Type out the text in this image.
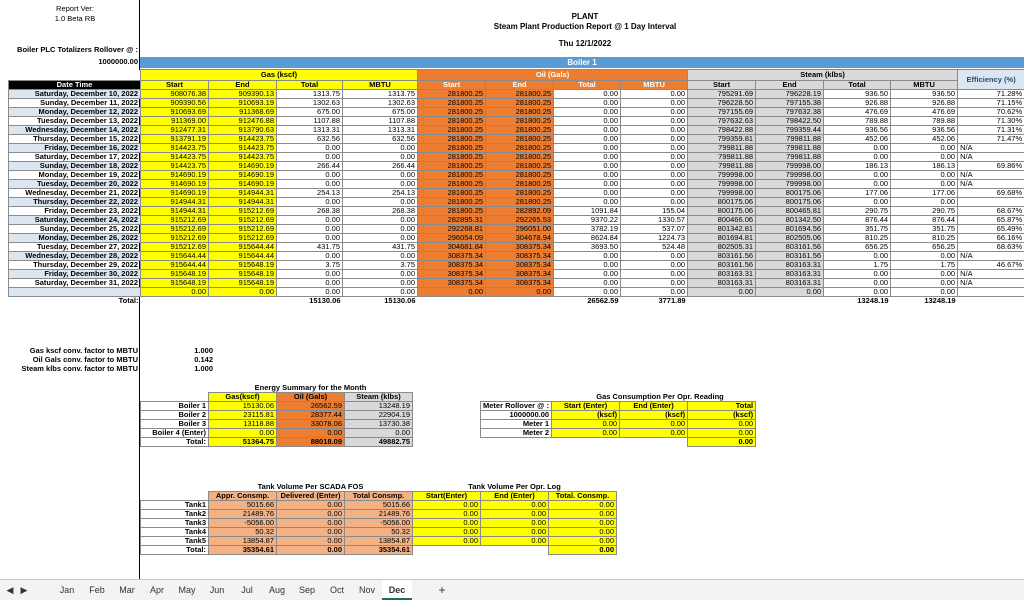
Report Ver:
1.0 Beta RB
Boiler PLC Totalizers Rollover @ :
1000000.00
PLANT
Steam Plant Production Report @ 1 Day Interval
Thu 12/1/2022
Boiler 1
	Gas (kscf)				Oil (Gals)				Steam (klbs)				Efficiency (%)
Date Time	Start	End	Total	MBTU	Start	End	Total	MBTU	Start	End	Total	MBTU	
Saturday, December 10, 2022	908076.38	909390.13	1313.75	1313.75	281800.25	281800.25	0.00	0.00	795291.69	796228.19	936.50	936.50	71.28%
Sunday, December 11, 2022	909390.56	910693.19	1302.63	1302.63	281800.25	281800.25	0.00	0.00	796228.50	797155.38	926.88	926.88	71.15%
Monday, December 12, 2022	910693.69	911368.69	675.00	675.00	281800.25	281800.25	0.00	0.00	797155.69	797632.38	476.69	476.69	70.62%
Tuesday, December 13, 2022	911369.00	912476.88	1107.88	1107.88	281800.25	281800.25	0.00	0.00	797632.63	798422.50	789.88	789.88	71.30%
Wednesday, December 14, 2022	912477.31	913790.63	1313.31	1313.31	281800.25	281800.25	0.00	0.00	798422.88	799359.44	936.56	936.56	71.31%
Thursday, December 15, 2022	913791.19	914423.75	632.56	632.56	281800.25	281800.25	0.00	0.00	799359.81	799811.88	452.06	452.06	71.47%
Friday, December 16, 2022	914423.75	914423.75	0.00	0.00	281800.25	281800.25	0.00	0.00	799811.88	799811.88	0.00	0.00	N/A
Saturday, December 17, 2022	914423.75	914423.75	0.00	0.00	281800.25	281800.25	0.00	0.00	799811.88	799811.88	0.00	0.00	N/A
Sunday, December 18, 2022	914423.75	914690.19	266.44	266.44	281800.25	281800.25	0.00	0.00	799811.88	799998.00	186.13	186.13	69.86%
Monday, December 19, 2022	914690.19	914690.19	0.00	0.00	281800.25	281800.25	0.00	0.00	799998.00	799998.00	0.00	0.00	N/A
Tuesday, December 20, 2022	914690.19	914690.19	0.00	0.00	281800.25	281800.25	0.00	0.00	799998.00	799998.00	0.00	0.00	N/A
Wednesday, December 21, 2022	914690.19	914944.31	254.13	254.13	281800.25	281800.25	0.00	0.00	799998.00	800175.06	177.06	177.06	69.68%
Thursday, December 22, 2022	914944.31	914944.31	0.00	0.00	281800.25	281800.25	0.00	0.00	800175.06	800175.06	0.00	0.00	
Friday, December 23, 2022	914944.31	915212.69	268.38	268.38	281800.25	282892.09	1091.84	155.04	800175.06	800465.81	290.75	290.75	68.67%
Saturday, December 24, 2022	915212.69	915212.69	0.00	0.00	282895.31	292265.53	9370.22	1330.57	800466.06	801342.50	876.44	876.44	65.87%
Sunday, December 25, 2022	915212.69	915212.69	0.00	0.00	292268.81	296051.00	3782.19	537.07	801342.81	801694.56	351.75	351.75	65.49%
Monday, December 26, 2022	915212.69	915212.69	0.00	0.00	296054.09	304678.94	8624.84	1224.73	801694.81	802505.06	810.25	810.25	66.16%
Tuesday, December 27, 2022	915212.69	915644.44	431.75	431.75	304681.84	308375.34	3693.50	524.48	802505.31	803161.56	656.25	656.25	68.63%
Wednesday, December 28, 2022	915644.44	915644.44	0.00	0.00	308375.34	308375.34	0.00	0.00	803161.56	803161.56	0.00	0.00	N/A
Thursday, December 29, 2022	915644.44	915648.19	3.75	3.75	308375.34	308375.34	0.00	0.00	803161.56	803163.31	1.75	1.75	46.67%
Friday, December 30, 2022	915648.19	915648.19	0.00	0.00	308375.34	308375.34	0.00	0.00	803163.31	803163.31	0.00	0.00	N/A
Saturday, December 31, 2022	915648.19	915648.19	0.00	0.00	308375.34	308375.34	0.00	0.00	803163.31	803163.31	0.00	0.00	N/A
	0.00	0.00	0.00	0.00	0.00	0.00	0.00	0.00	0.00	0.00	0.00	0.00	
Total:			15130.06	15130.06			26562.59	3771.89			13248.19	13248.19	
Gas kscf conv. factor to MBTU	1.000
Oil Gals conv. factor to MBTU	0.142
Steam klbs conv. factor to MBTU	1.000
Energy Summary for the Month
	Gas(kscf)	Oil (Gals)	Steam (klbs)
Boiler 1	15130.06	26562.59	13248.19
Boiler 2	23115.81	28377.44	22904.19
Boiler 3	13118.88	33078.06	13730.38
Boiler 4 (Enter)	0.00	0.00	0.00
Total:	51364.75	88018.09	49882.75
Gas Consumption Per Opr. Reading
Meter Rollover @ :	Start (Enter)	End (Enter)	Total
1000000.00	(kscf)	(kscf)	(kscf)
Meter 1	0.00	0.00	0.00
Meter 2	0.00	0.00	0.00
			0.00
Tank Volume Per SCADA FOS
	Appr. Consmp.	Delivered (Enter)	Total Consmp.
Tank1	5015.66	0.00	5015.66
Tank2	21489.76	0.00	21489.76
Tank3	-5056.00	0.00	-5056.00
Tank4	50.32	0.00	50.32
Tank5	13854.87	0.00	13854.87
Total:	35354.61	0.00	35354.61
Tank Volume Per Opr. Log
Start(Enter)	End (Enter)	Total. Consmp.
0.00	0.00	0.00
0.00	0.00	0.00
0.00	0.00	0.00
0.00	0.00	0.00
0.00	0.00	0.00
		0.00
◀ ▶	Jan	Feb	Mar	Apr	May	Jun	Jul	Aug	Sep	Oct	Nov	Dec	+
